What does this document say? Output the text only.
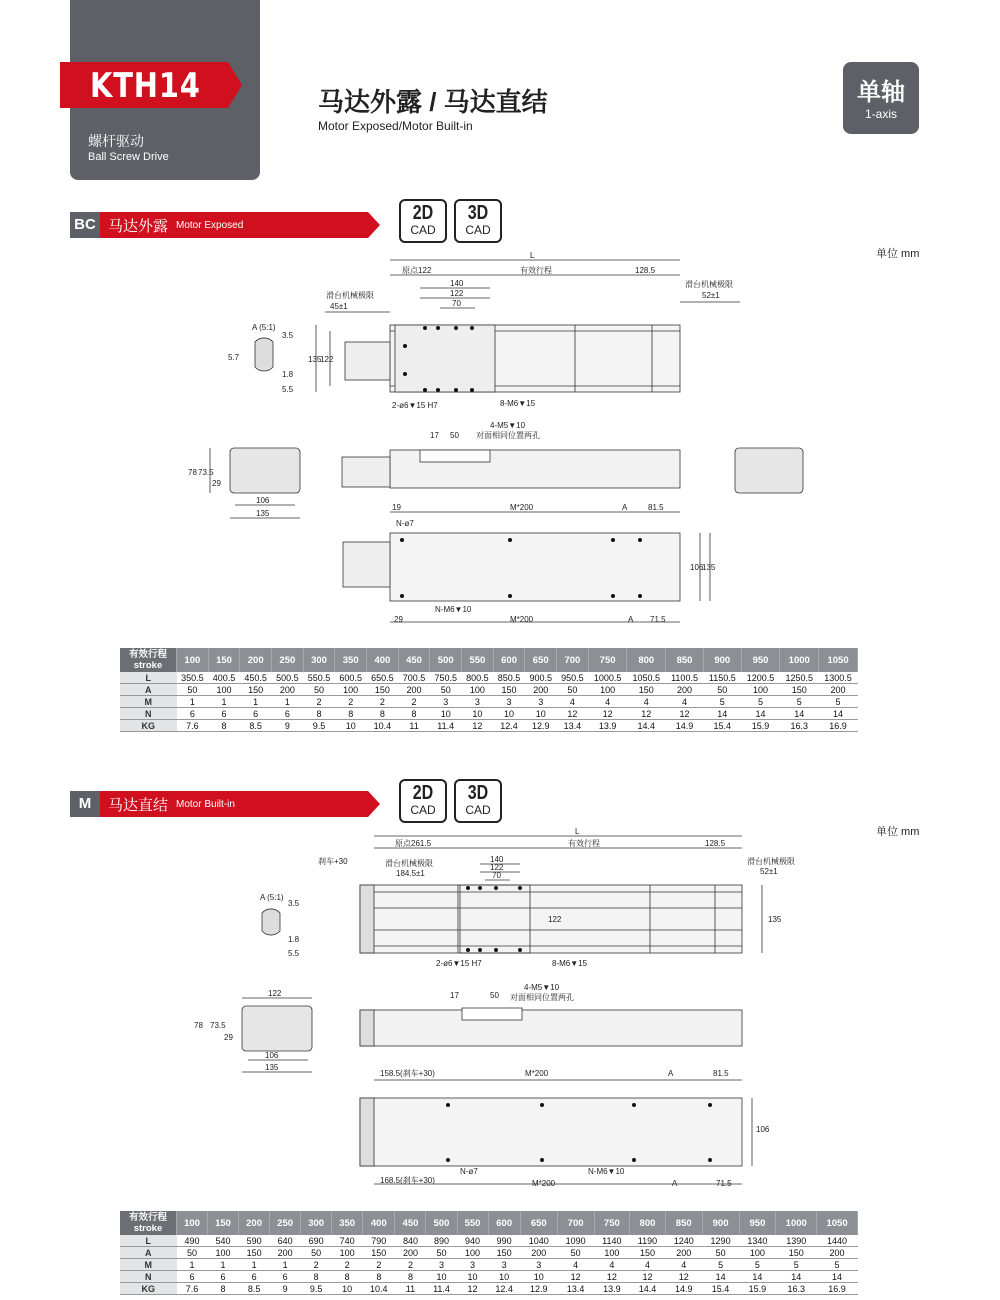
KTH14
螺杆驱动
Ball Screw Drive
马达外露 / 马达直结
Motor Exposed/Motor Built-in
单轴
1-axis
BC 马达外露 Motor Exposed
2D
CAD
3D
CAD
单位 mm
L
原点122	有效行程	128.5
140
122
70
滑台机械极限
45±1
滑台机械极限
52±1
A (5:1)
3.5
5.7
1.8
5.5
135
122
2-ø6▼15 H7	8-M6▼15
4-M5▼10
对面相同位置两孔
17 50
78 73.5
29
106
135
19	M*200	A	81.5
N-ø7
N-M6▼10
29	M*200	A 71.5
106
135
有效行程
stroke	100	150	200	250	300	350	400	450	500	550	600	650	700	750	800	850	900	950	1000	1050
L	350.5	400.5	450.5	500.5	550.5	600.5	650.5	700.5	750.5	800.5	850.5	900.5	950.5	1000.5	1050.5	1100.5	1150.5	1200.5	1250.5	1300.5
A	50	100	150	200	50	100	150	200	50	100	150	200	50	100	150	200	50	100	150	200
M	1	1	1	1	2	2	2	2	3	3	3	3	4	4	4	4	5	5	5	5
N	6	6	6	6	8	8	8	8	10	10	10	10	12	12	12	12	14	14	14	14
KG	7.6	8	8.5	9	9.5	10	10.4	11	11.4	12	12.4	12.9	13.4	13.9	14.4	14.9	15.4	15.9	16.3	16.9
M	马达直结 Motor Built-in
2D
CAD
3D
CAD
单位 mm
L
原点261.5	有效行程	128.5
刹车+30	滑台机械极限
184.5±1
140
122
70
滑台机械极限
52±1
A (5:1)
3.5
1.8
5.5
122	135
2-ø6▼15 H7	8-M6▼15
122
78 73.5
29
106
135
17	50
4-M5▼10
对面相同位置两孔
158.5(刹车+30)	M*200	A	81.5
N-ø7	N-M6▼10
168.5(刹车+30)	M*200	A	71.5
106
有效行程
stroke	100	150	200	250	300	350	400	450	500	550	600	650	700	750	800	850	900	950	1000	1050
L	490	540	590	640	690	740	790	840	890	940	990	1040	1090	1140	1190	1240	1290	1340	1390	1440
A	50	100	150	200	50	100	150	200	50	100	150	200	50	100	150	200	50	100	150	200
M	1	1	1	1	2	2	2	2	3	3	3	3	4	4	4	4	5	5	5	5
N	6	6	6	6	8	8	8	8	10	10	10	10	12	12	12	12	14	14	14	14
KG	7.6	8	8.5	9	9.5	10	10.4	11	11.4	12	12.4	12.9	13.4	13.9	14.4	14.9	15.4	15.9	16.3	16.9
